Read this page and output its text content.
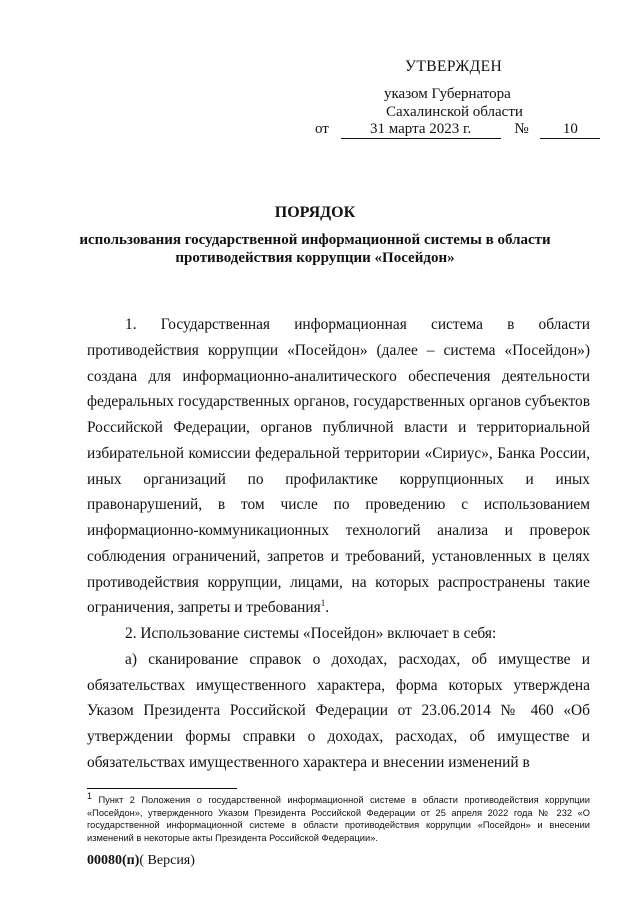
УТВЕРЖДЕН
указом Губернатора
Сахалинской области
от	31 марта 2023 г.	№ 10
ПОРЯДОК
использования государственной информационной системы в области
противодействия коррупции «Посейдон»

1. Государственная информационная система в области противодействия коррупции «Посейдон» (далее – система «Посейдон») создана для информационно-аналитического обеспечения деятельности федеральных государственных органов, государственных органов субъектов Российской Федерации, органов публичной власти и территориальной избирательной комиссии федеральной территории «Сириус», Банка России, иных организаций по профилактике коррупционных и иных правонарушений, в том числе по проведению с использованием информационно-коммуникационных технологий анализа и проверок соблюдения ограничений, запретов и требований, установленных в целях противодействия коррупции, лицами, на которых распространены такие ограничения, запреты и требования$^1$.

2. Использование системы «Посейдон» включает в себя:

а) сканирование справок о доходах, расходах, об имуществе и обязательствах имущественного характера, форма которых утверждена Указом Президента Российской Федерации от 23.06.2014 № 460 «Об утверждении формы справки о доходах, расходах, об имуществе и обязательствах имущественного характера и внесении изменений в

$^1$ Пункт 2 Положения о государственной информационной системе в области противодействия коррупции «Посейдон», утвержденного Указом Президента Российской Федерации от 25 апреля 2022 года № 232 «О государственной информационной системе в области противодействия коррупции «Посейдон» и внесении изменений в некоторые акты Президента Российской Федерации».
00080(п)( Версия)
